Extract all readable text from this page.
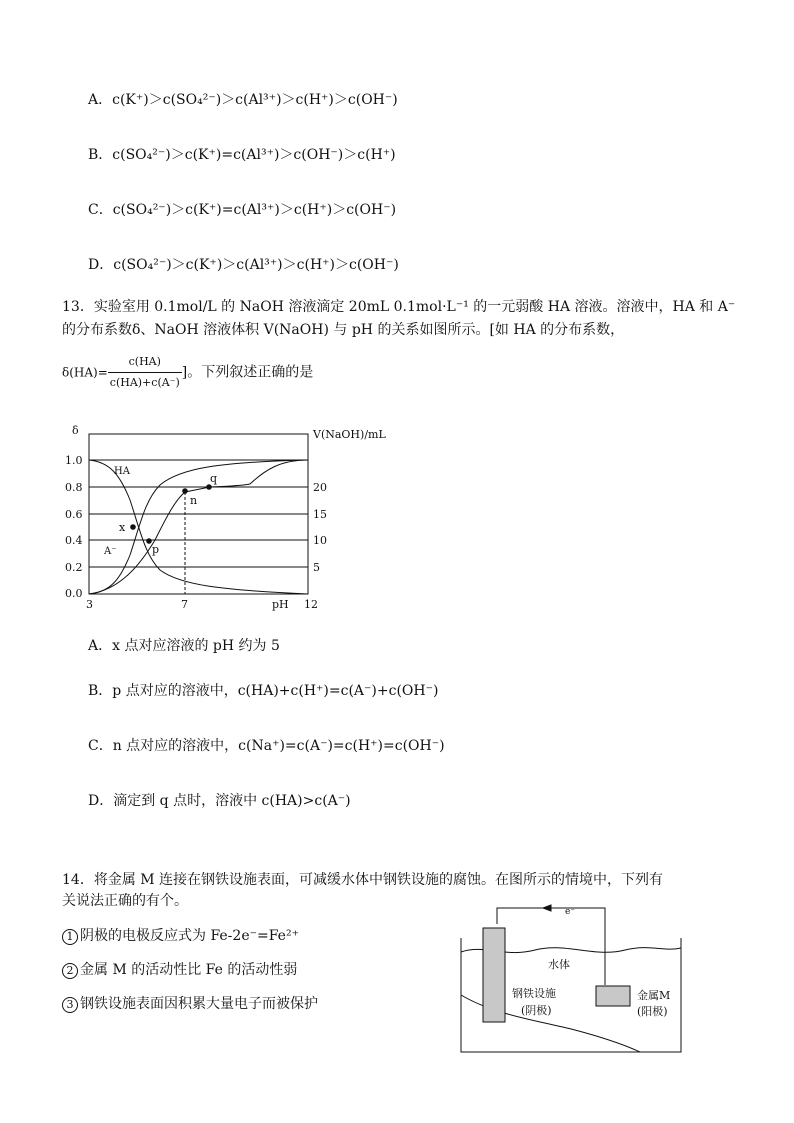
A．c(K⁺)＞c(SO₄²⁻)＞c(Al³⁺)＞c(H⁺)＞c(OH⁻)
B．c(SO₄²⁻)＞c(K⁺)=c(Al³⁺)＞c(OH⁻)＞c(H⁺)
C．c(SO₄²⁻)＞c(K⁺)=c(Al³⁺)＞c(H⁺)＞c(OH⁻)
D．c(SO₄²⁻)＞c(K⁺)＞c(Al³⁺)＞c(H⁺)＞c(OH⁻)
13．实验室用 0.1mol/L 的 NaOH 溶液滴定 20mL 0.1mol·L⁻¹ 的一元弱酸 HA 溶液。溶液中，HA 和 A⁻
的分布系数δ、NaOH 溶液体积 V(NaOH) 与 pH 的关系如图所示。[如 HA 的分布系数，
$\delta(HA)= \frac{c(HA)}{c(HA)+c(A^-)}$ ]。下列叙述正确的是
δ	V(NaOH)/mL
0.0
0.2
0.4
0.6
0.8
1.0
5
10
15
20
3	7	12
pH
HA
A⁻
x
p
n
q
A．x 点对应溶液的 pH 约为 5
B．p 点对应的溶液中，c(HA)+c(H⁺)=c(A⁻)+c(OH⁻)
C．n 点对应的溶液中，c(Na⁺)=c(A⁻)=c(H⁺)=c(OH⁻)
D．滴定到 q 点时，溶液中 c(HA)>c(A⁻)
14．将金属 M 连接在钢铁设施表面，可减缓水体中钢铁设施的腐蚀。在图所示的情境中，下列有
关说法正确的有个。
1 阴极的电极反应式为 Fe-2e⁻=Fe²⁺
2 金属 M 的活动性比 Fe 的活动性弱
3 钢铁设施表面因积累大量电子而被保护
e⁻
水体
钢铁设施
(阴极)
金属M
(阳极)
